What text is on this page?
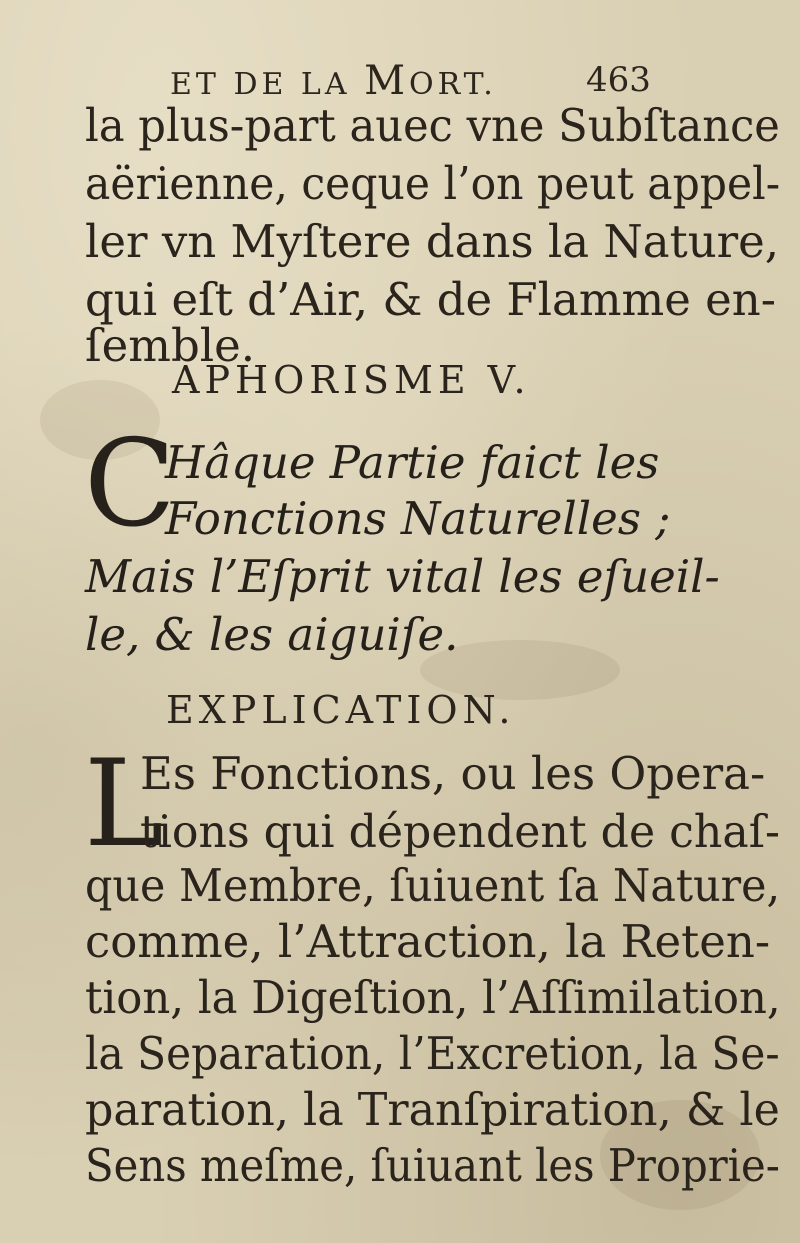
ET DE LA MORT.	463
la plus-part auec vne Subſtance
aërienne, ceque l’on peut appel-
ler vn Myſtere dans la Nature,
qui eſt d’Air, & de Flamme en-
ſemble.
APHORISME V.
C
Hâque Partie faict les
Fonctions Naturelles ;
Mais l’Eſprit vital les eſueil-
le, & les aiguiſe.
EXPLICATION.
L
Es Fonctions, ou les Opera-
tions qui dépendent de chaſ-
que Membre, ſuiuent ſa Nature,
comme, l’Attraction, la Reten-
tion, la Digeſtion, l’Aſſimilation,
la Separation, l’Excretion, la Se-
paration, la Tranſpiration, & le
Sens meſme, ſuiuant les Proprie-
